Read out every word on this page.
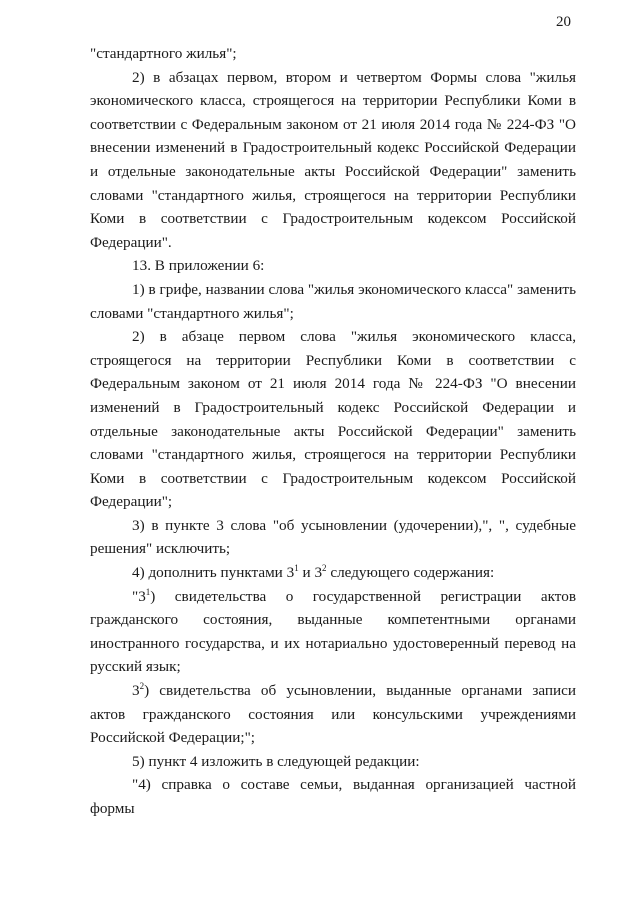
20

"стандартного жилья";

2) в абзацах первом, втором и четвертом Формы слова "жилья экономического класса, строящегося на территории Республики Коми в соответствии с Федеральным законом от 21 июля 2014 года № 224-ФЗ "О внесении изменений в Градостроительный кодекс Российской Федерации и отдельные законодательные акты Российской Федерации" заменить словами "стандартного жилья, строящегося на территории Республики Коми в соответствии с Градостроительным кодексом Российской Федерации".

13. В приложении 6:

1) в грифе, названии слова "жилья экономического класса" заменить словами "стандартного жилья";

2) в абзаце первом слова "жилья экономического класса, строящегося на территории Республики Коми в соответствии с Федеральным законом от 21 июля 2014 года № 224-ФЗ "О внесении изменений в Градостроительный кодекс Российской Федерации и отдельные законодательные акты Российской Федерации" заменить словами "стандартного жилья, строящегося на территории Республики Коми в соответствии с Градостроительным кодексом Российской Федерации";

3) в пункте 3 слова "об усыновлении (удочерении),", ", судебные решения" исключить;

4) дополнить пунктами $3^1$ и $3^2$ следующего содержания:

"$3^1$) свидетельства о государственной регистрации актов гражданского состояния, выданные компетентными органами иностранного государства, и их нотариально удостоверенный перевод на русский язык;

$3^2$) свидетельства об усыновлении, выданные органами записи актов гражданского состояния или консульскими учреждениями Российской Федерации;";

5) пункт 4 изложить в следующей редакции:

"4) справка о составе семьи, выданная организацией частной формы
